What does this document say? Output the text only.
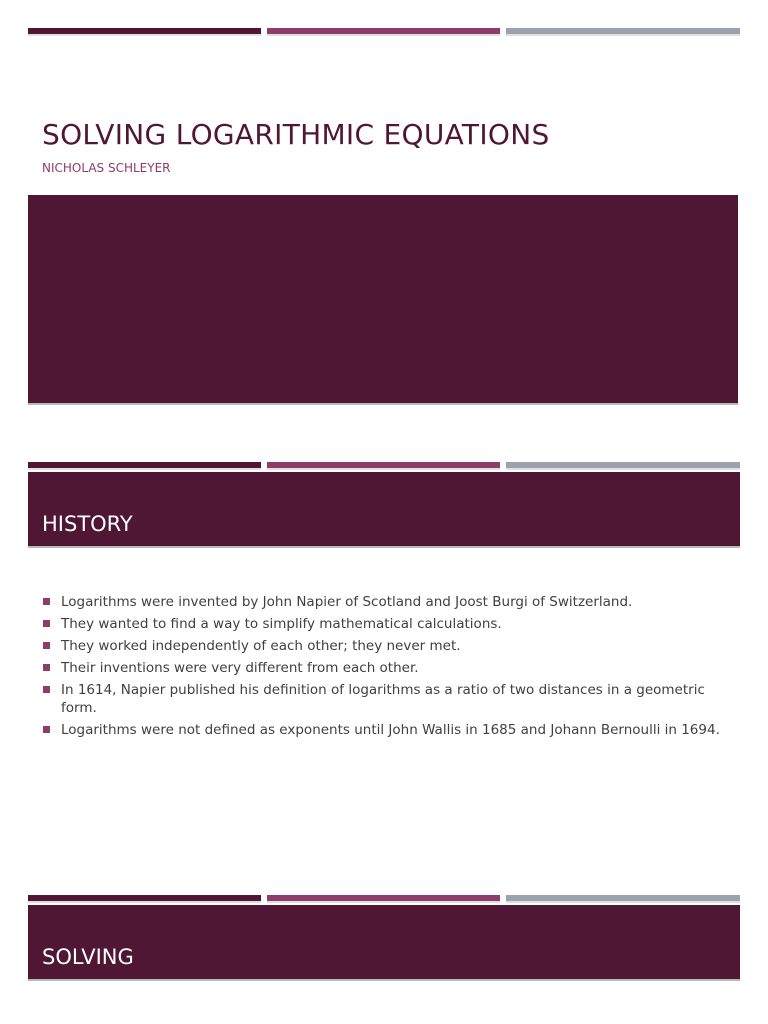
SOLVING LOGARITHMIC EQUATIONS

NICHOLAS SCHLEYER

HISTORY
Logarithms were invented by John Napier of Scotland and Joost Burgi of Switzerland.
They wanted to find a way to simplify mathematical calculations.
They worked independently of each other; they never met.
Their inventions were very different from each other.
In 1614, Napier published his definition of logarithms as a ratio of two distances in a geometric form.
Logarithms were not defined as exponents until John Wallis in 1685 and Johann Bernoulli in 1694.
SOLVING
